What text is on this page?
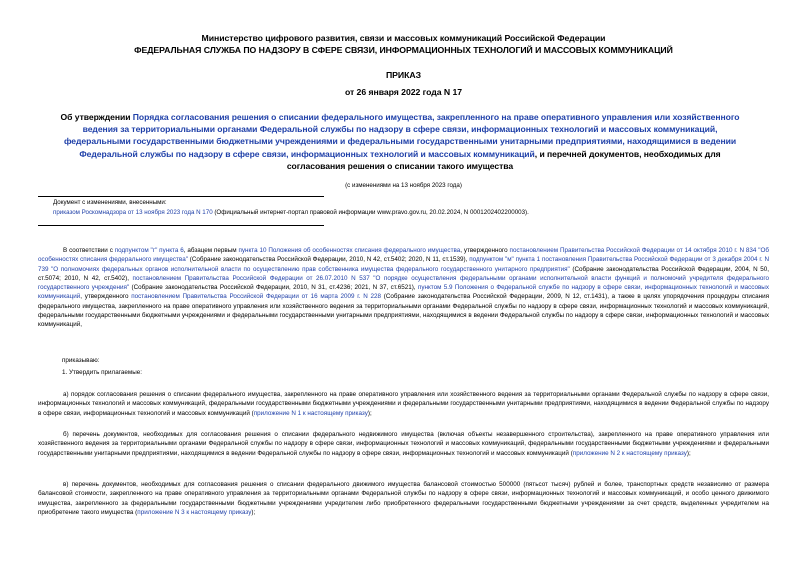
Министерство цифрового развития, связи и массовых коммуникаций Российской Федерации
ФЕДЕРАЛЬНАЯ СЛУЖБА ПО НАДЗОРУ В СФЕРЕ СВЯЗИ, ИНФОРМАЦИОННЫХ ТЕХНОЛОГИЙ И МАССОВЫХ КОММУНИКАЦИЙ
ПРИКАЗ
от 26 января 2022 года N 17
Об утверждении Порядка согласования решения о списании федерального имущества, закрепленного на праве оперативного управления или хозяйственного ведения за территориальными органами Федеральной службы по надзору в сфере связи, информационных технологий и массовых коммуникаций, федеральными государственными бюджетными учреждениями и федеральными государственными унитарными предприятиями, находящимися в ведении Федеральной службы по надзору в сфере связи, информационных технологий и массовых коммуникаций, и перечней документов, необходимых для согласования решения о списании такого имущества
(с изменениями на 13 ноября 2023 года)
Документ с изменениями, внесенными:
приказом Роскомнадзора от 13 ноября 2023 года N 170 (Официальный интернет-портал правовой информации www.pravo.gov.ru, 20.02.2024, N 0001202402200003).
В соответствии с подпунктом "г" пункта 6, абзацем первым пункта 10 Положения об особенностях списания федерального имущества, утвержденного постановлением Правительства Российской Федерации от 14 октября 2010 г. N 834 "Об особенностях списания федерального имущества" (Собрание законодательства Российской Федерации, 2010, N 42, ст.5402; 2020, N 11, ст.1539), подпунктом "м" пункта 1 постановления Правительства Российской Федерации от 3 декабря 2004 г. N 739 "О полномочиях федеральных органов исполнительной власти по осуществлению прав собственника имущества федерального государственного унитарного предприятия" (Собрание законодательства Российской Федерации, 2004, N 50, ст.5074; 2010, N 42, ст.5402), постановлением Правительства Российской Федерации от 26.07.2010 N 537 "О порядке осуществления федеральными органами исполнительной власти функций и полномочий учредителя федерального государственного учреждения" (Собрание законодательства Российской Федерации, 2010, N 31, ст.4236; 2021, N 37, ст.6521), пунктом 5.9 Положения о Федеральной службе по надзору в сфере связи, информационных технологий и массовых коммуникаций, утвержденного постановлением Правительства Российской Федерации от 16 марта 2009 г. N 228 (Собрание законодательства Российской Федерации, 2009, N 12, ст.1431), а также в целях упорядочения процедуры списания федерального имущества, закрепленного на праве оперативного управления или хозяйственного ведения за территориальными органами Федеральной службы по надзору в сфере связи, информационных технологий и массовых коммуникаций, федеральными государственными бюджетными учреждениями и федеральными государственными унитарными предприятиями, находящимися в ведении Федеральной службы по надзору в сфере связи, информационных технологий и массовых коммуникаций,
приказываю:
1. Утвердить прилагаемые:
а) порядок согласования решения о списании федерального имущества, закрепленного на праве оперативного управления или хозяйственного ведения за территориальными органами Федеральной службы по надзору в сфере связи, информационных технологий и массовых коммуникаций, федеральными государственными бюджетными учреждениями и федеральными государственными унитарными предприятиями, находящимися в ведении Федеральной службы по надзору в сфере связи, информационных технологий и массовых коммуникаций (приложение N 1 к настоящему приказу);
б) перечень документов, необходимых для согласования решения о списании федерального недвижимого имущества (включая объекты незавершенного строительства), закрепленного на праве оперативного управления или хозяйственного ведения за территориальными органами Федеральной службы по надзору в сфере связи, информационных технологий и массовых коммуникаций, федеральными государственными бюджетными учреждениями и федеральными государственными унитарными предприятиями, находящимися в ведении Федеральной службы по надзору в сфере связи, информационных технологий и массовых коммуникаций (приложение N 2 к настоящему приказу);
в) перечень документов, необходимых для согласования решения о списании федерального движимого имущества балансовой стоимостью 500000 (пятьсот тысяч) рублей и более, транспортных средств независимо от размера балансовой стоимости, закрепленного на праве оперативного управления за территориальными органами Федеральной службы по надзору в сфере связи, информационных технологий и массовых коммуникаций, и особо ценного движимого имущества, закрепленного за федеральными государственными бюджетными учреждениями учредителем либо приобретенного федеральными государственными бюджетными учреждениями за счет средств, выделенных учредителем на приобретение такого имущества (приложение N 3 к настоящему приказу);
